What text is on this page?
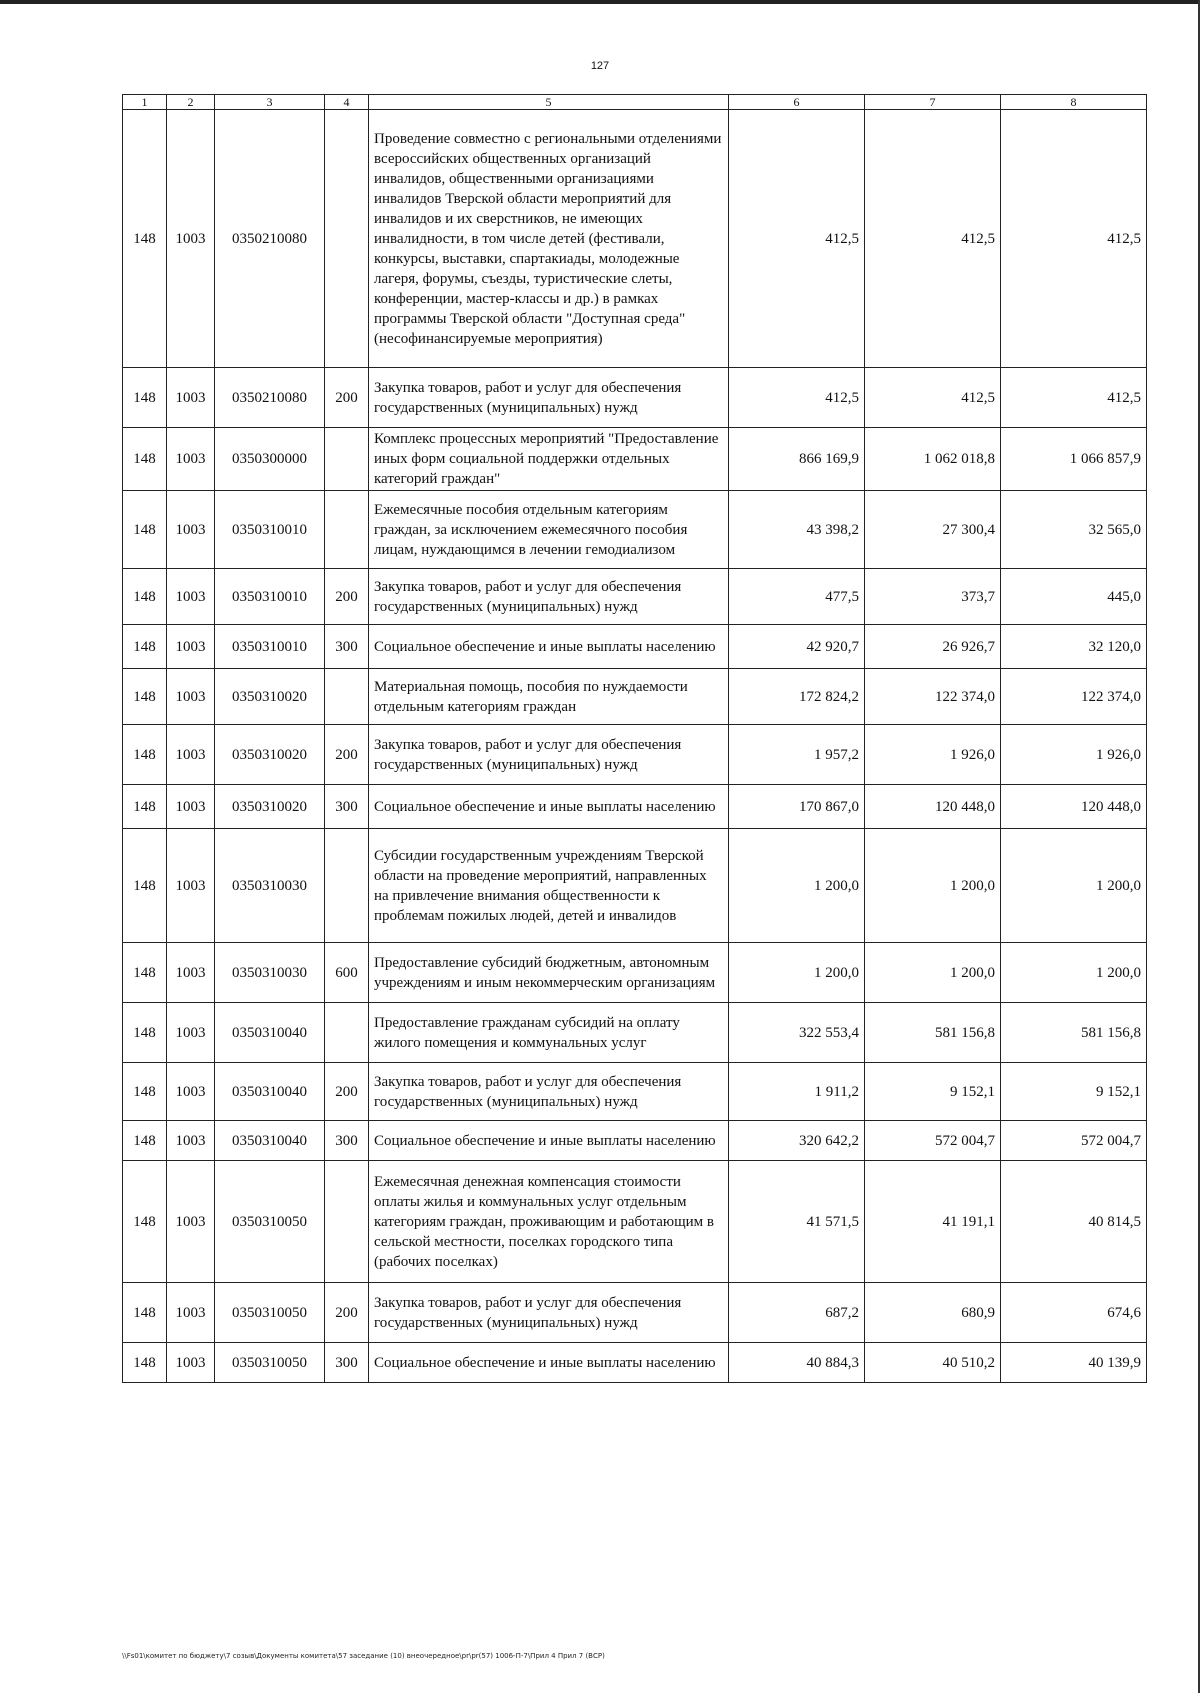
127
1	2	3	4	5	6	7	8
148	1003	0350210080		Проведение совместно с региональными отделениями всероссийских общественных организаций инвалидов, общественными организациями инвалидов Тверской области мероприятий для инвалидов и их сверстников, не имеющих инвалидности, в том числе детей (фестивали, конкурсы, выставки, спартакиады, молодежные лагеря, форумы, съезды, туристические слеты, конференции, мастер-классы и др.) в рамках программы Тверской области "Доступная среда" (несофинансируемые мероприятия)	412,5	412,5	412,5
148	1003	0350210080	200	Закупка товаров, работ и услуг для обеспечения государственных (муниципальных) нужд	412,5	412,5	412,5
148	1003	0350300000		Комплекс процессных мероприятий "Предоставление иных форм социальной поддержки отдельных категорий граждан"	866 169,9	1 062 018,8	1 066 857,9
148	1003	0350310010		Ежемесячные пособия отдельным категориям граждан, за исключением ежемесячного пособия лицам, нуждающимся в лечении гемодиализом	43 398,2	27 300,4	32 565,0
148	1003	0350310010	200	Закупка товаров, работ и услуг для обеспечения государственных (муниципальных) нужд	477,5	373,7	445,0
148	1003	0350310010	300	Социальное обеспечение и иные выплаты населению	42 920,7	26 926,7	32 120,0
148	1003	0350310020		Материальная помощь, пособия по нуждаемости отдельным категориям граждан	172 824,2	122 374,0	122 374,0
148	1003	0350310020	200	Закупка товаров, работ и услуг для обеспечения государственных (муниципальных) нужд	1 957,2	1 926,0	1 926,0
148	1003	0350310020	300	Социальное обеспечение и иные выплаты населению	170 867,0	120 448,0	120 448,0
148	1003	0350310030		Субсидии государственным учреждениям Тверской области на проведение мероприятий, направленных на привлечение внимания общественности к проблемам пожилых людей, детей и инвалидов	1 200,0	1 200,0	1 200,0
148	1003	0350310030	600	Предоставление субсидий бюджетным, автономным учреждениям и иным некоммерческим организациям	1 200,0	1 200,0	1 200,0
148	1003	0350310040		Предоставление гражданам субсидий на оплату жилого помещения и коммунальных услуг	322 553,4	581 156,8	581 156,8
148	1003	0350310040	200	Закупка товаров, работ и услуг для обеспечения государственных (муниципальных) нужд	1 911,2	9 152,1	9 152,1
148	1003	0350310040	300	Социальное обеспечение и иные выплаты населению	320 642,2	572 004,7	572 004,7
148	1003	0350310050		Ежемесячная денежная компенсация стоимости оплаты жилья и коммунальных услуг отдельным категориям граждан, проживающим и работающим в сельской местности, поселках городского типа (рабочих поселках)	41 571,5	41 191,1	40 814,5
148	1003	0350310050	200	Закупка товаров, работ и услуг для обеспечения государственных (муниципальных) нужд	687,2	680,9	674,6
148	1003	0350310050	300	Социальное обеспечение и иные выплаты населению	40 884,3	40 510,2	40 139,9
\\Fs01\комитет по бюджету\7 созыв\Документы комитета\57 заседание (10) внеочередное\pr\pr(57) 1006-П-7\Прил 4 Прил 7 (ВСР)
